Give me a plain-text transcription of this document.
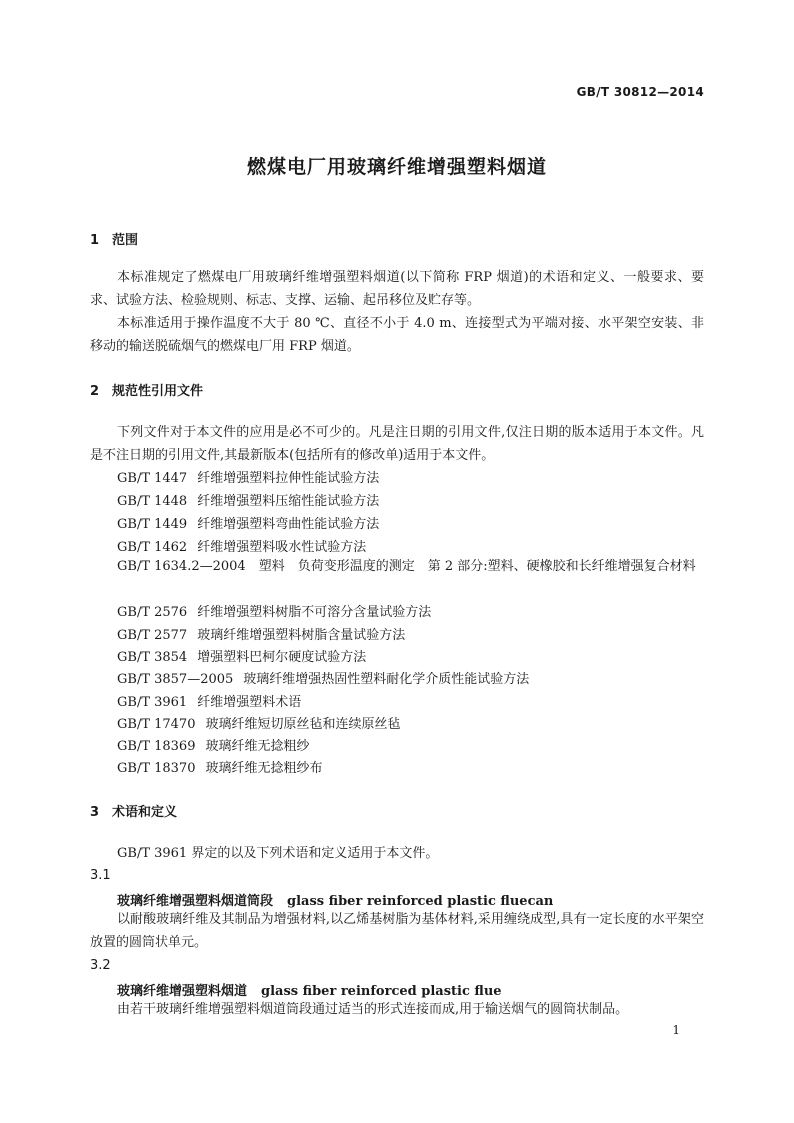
GB/T 30812—2014
燃煤电厂用玻璃纤维增强塑料烟道
1 范围

本标准规定了燃煤电厂用玻璃纤维增强塑料烟道(以下简称 FRP 烟道)的术语和定义、一般要求、要求、试验方法、检验规则、标志、支撑、运输、起吊移位及贮存等。

本标准适用于操作温度不大于 80 ℃、直径不小于 4.0 m、连接型式为平端对接、水平架空安装、非移动的输送脱硫烟气的燃煤电厂用 FRP 烟道。

2 规范性引用文件

下列文件对于本文件的应用是必不可少的。凡是注日期的引用文件,仅注日期的版本适用于本文件。凡是不注日期的引用文件,其最新版本(包括所有的修改单)适用于本文件。

GB/T 1447 纤维增强塑料拉伸性能试验方法
GB/T 1448 纤维增强塑料压缩性能试验方法
GB/T 1449 纤维增强塑料弯曲性能试验方法
GB/T 1462 纤维增强塑料吸水性试验方法

GB/T 1634.2—2004　塑料　负荷变形温度的测定　第 2 部分:塑料、硬橡胶和长纤维增强复合材料

GB/T 2576 纤维增强塑料树脂不可溶分含量试验方法
GB/T 2577 玻璃纤维增强塑料树脂含量试验方法
GB/T 3854 增强塑料巴柯尔硬度试验方法
GB/T 3857—2005 玻璃纤维增强热固性塑料耐化学介质性能试验方法
GB/T 3961 纤维增强塑料术语
GB/T 17470 玻璃纤维短切原丝毡和连续原丝毡
GB/T 18369 玻璃纤维无捻粗纱
GB/T 18370 玻璃纤维无捻粗纱布
3 术语和定义

GB/T 3961 界定的以及下列术语和定义适用于本文件。

3.1
玻璃纤维增强塑料烟道筒段 glass fiber reinforced plastic fluecan

以耐酸玻璃纤维及其制品为增强材料,以乙烯基树脂为基体材料,采用缠绕成型,具有一定长度的水平架空放置的圆筒状单元。

3.2
玻璃纤维增强塑料烟道 glass fiber reinforced plastic flue

由若干玻璃纤维增强塑料烟道筒段通过适当的形式连接而成,用于输送烟气的圆筒状制品。

1
